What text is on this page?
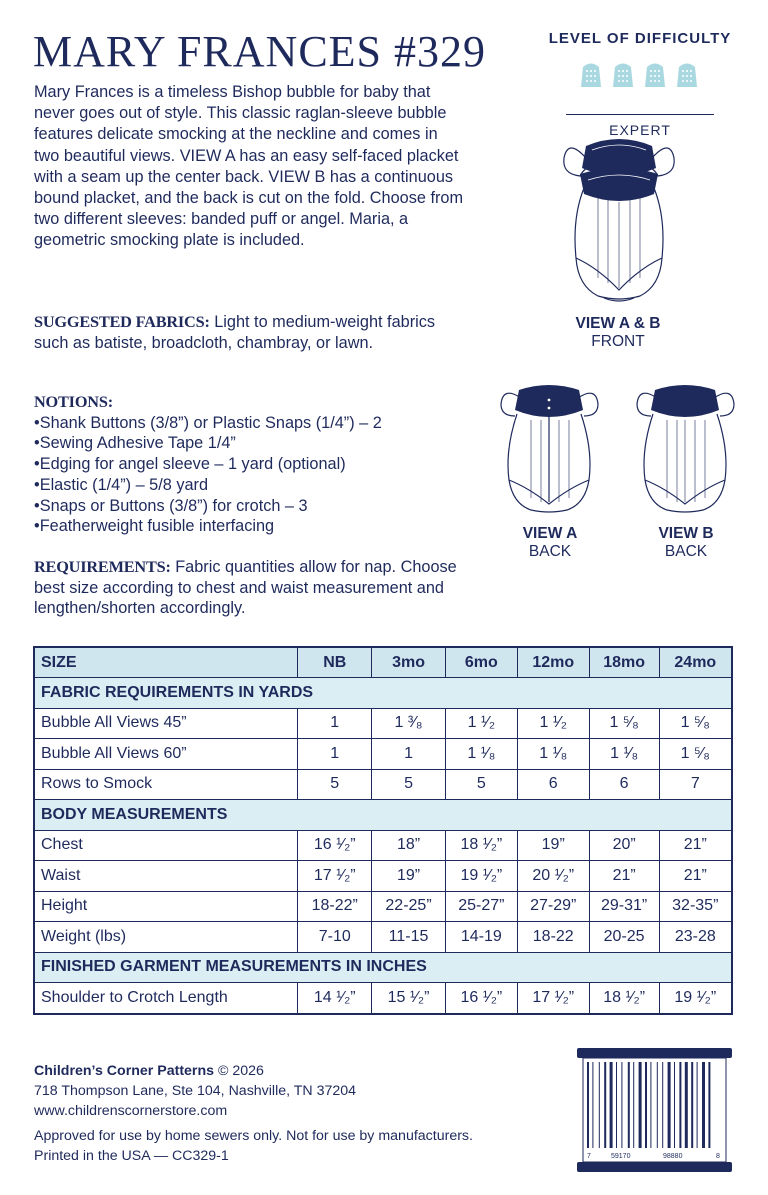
MARY FRANCES #329
Mary Frances is a timeless Bishop bubble for baby that never goes out of style. This classic raglan-sleeve bubble features delicate smocking at the neckline and comes in two beautiful views. VIEW A has an easy self-faced placket with a seam up the center back. VIEW B has a continuous bound placket, and the back is cut on the fold. Choose from two different sleeves: banded puff or angel. Maria, a geometric smocking plate is included.
SUGGESTED FABRICS: Light to medium-weight fabrics such as batiste, broadcloth, chambray, or lawn.
NOTIONS:
• Shank Buttons (3/8”) or Plastic Snaps (1/4”) – 2
• Sewing Adhesive Tape 1/4”
• Edging for angel sleeve – 1 yard (optional)
• Elastic (1/4”) – 5/8 yard
• Snaps or Buttons (3/8”) for crotch – 3
• Featherweight fusible interfacing
REQUIREMENTS: Fabric quantities allow for nap. Choose best size according to chest and waist measurement and lengthen/shorten accordingly.
LEVEL OF DIFFICULTY
EXPERT
VIEW A & B
FRONT
VIEW A
BACK
VIEW B
BACK
SIZE	NB	3mo	6mo	12mo	18mo	24mo
FABRIC REQUIREMENTS IN YARDS						
Bubble All Views 45”	1	1 ³⁄₈	1 ¹⁄₂	1 ¹⁄₂	1 ⁵⁄₈	1 ⁵⁄₈
Bubble All Views 60”	1	1	1 ¹⁄₈	1 ¹⁄₈	1 ¹⁄₈	1 ⁵⁄₈
Rows to Smock	5	5	5	6	6	7
BODY MEASUREMENTS						
Chest	16 ¹⁄₂”	18”	18 ¹⁄₂”	19”	20”	21”
Waist	17 ¹⁄₂”	19”	19 ¹⁄₂”	20 ¹⁄₂”	21”	21”
Height	18-22”	22-25”	25-27”	27-29”	29-31”	32-35”
Weight (lbs)	7-10	11-15	14-19	18-22	20-25	23-28
FINISHED GARMENT MEASUREMENTS IN INCHES						
Shoulder to Crotch Length	14 ¹⁄₂”	15 ¹⁄₂”	16 ¹⁄₂”	17 ¹⁄₂”	18 ¹⁄₂”	19 ¹⁄₂”
Children’s Corner Patterns © 2026
718 Thompson Lane, Ste 104, Nashville, TN 37204
www.childrenscornerstore.com
Approved for use by home sewers only. Not for use by manufacturers.
Printed in the USA — CC329-1	7	59170	98880	8
